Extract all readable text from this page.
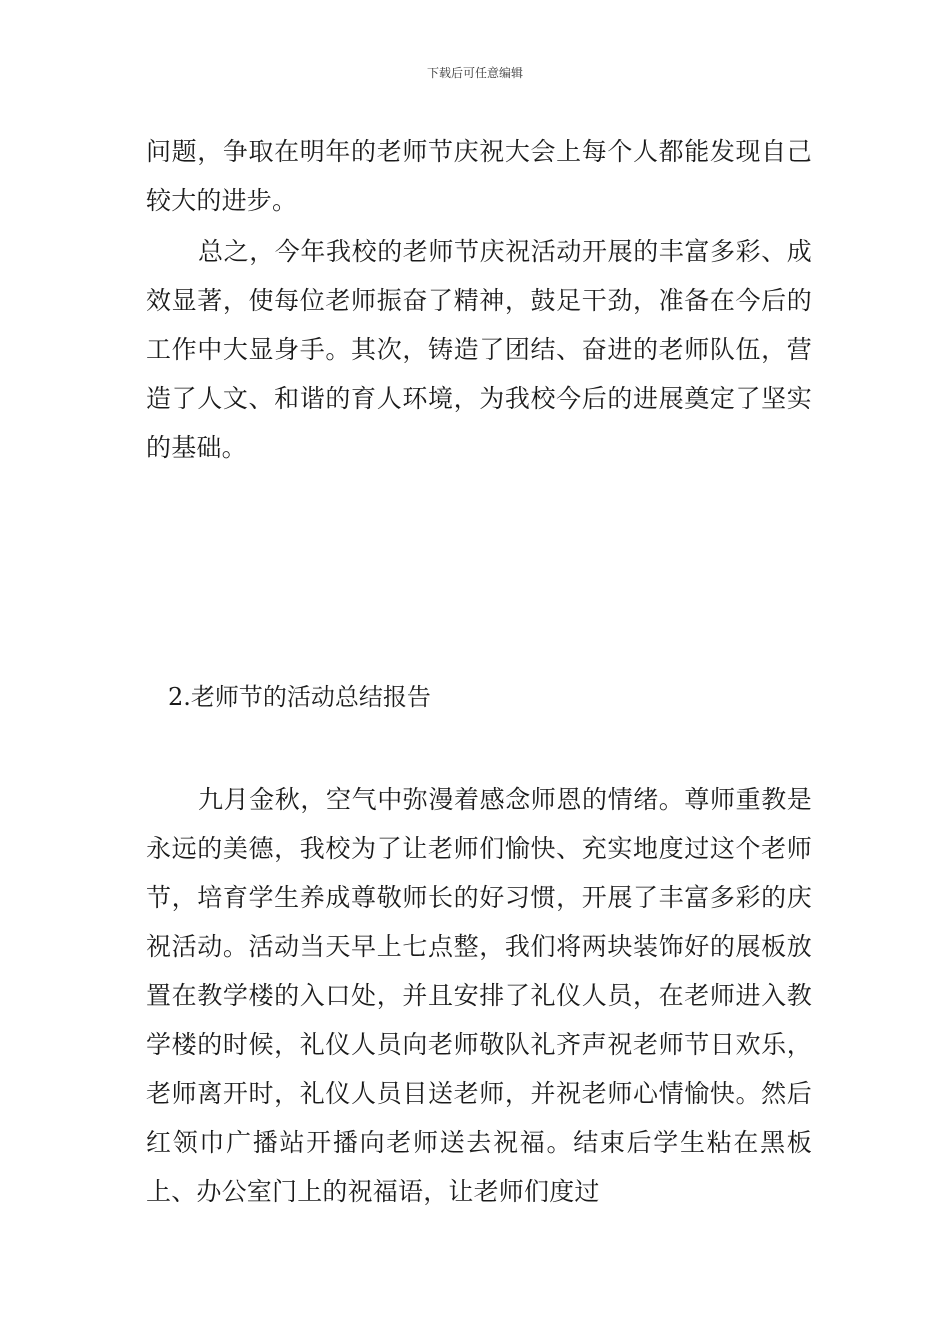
下载后可任意编辑

问题，争取在明年的老师节庆祝大会上每个人都能发现自己较大的进步。

总之，今年我校的老师节庆祝活动开展的丰富多彩、成效显著，使每位老师振奋了精神，鼓足干劲，准备在今后的工作中大显身手。其次，铸造了团结、奋进的老师队伍，营造了人文、和谐的育人环境，为我校今后的进展奠定了坚实的基础。

2.老师节的活动总结报告

九月金秋，空气中弥漫着感念师恩的情绪。尊师重教是永远的美德，我校为了让老师们愉快、充实地度过这个老师节，培育学生养成尊敬师长的好习惯，开展了丰富多彩的庆祝活动。活动当天早上七点整，我们将两块装饰好的展板放置在教学楼的入口处，并且安排了礼仪人员，在老师进入教学楼的时候，礼仪人员向老师敬队礼齐声祝老师节日欢乐，老师离开时，礼仪人员目送老师，并祝老师心情愉快。然后红领巾广播站开播向老师送去祝福。结束后学生粘在黑板上、办公室门上的祝福语，让老师们度过
